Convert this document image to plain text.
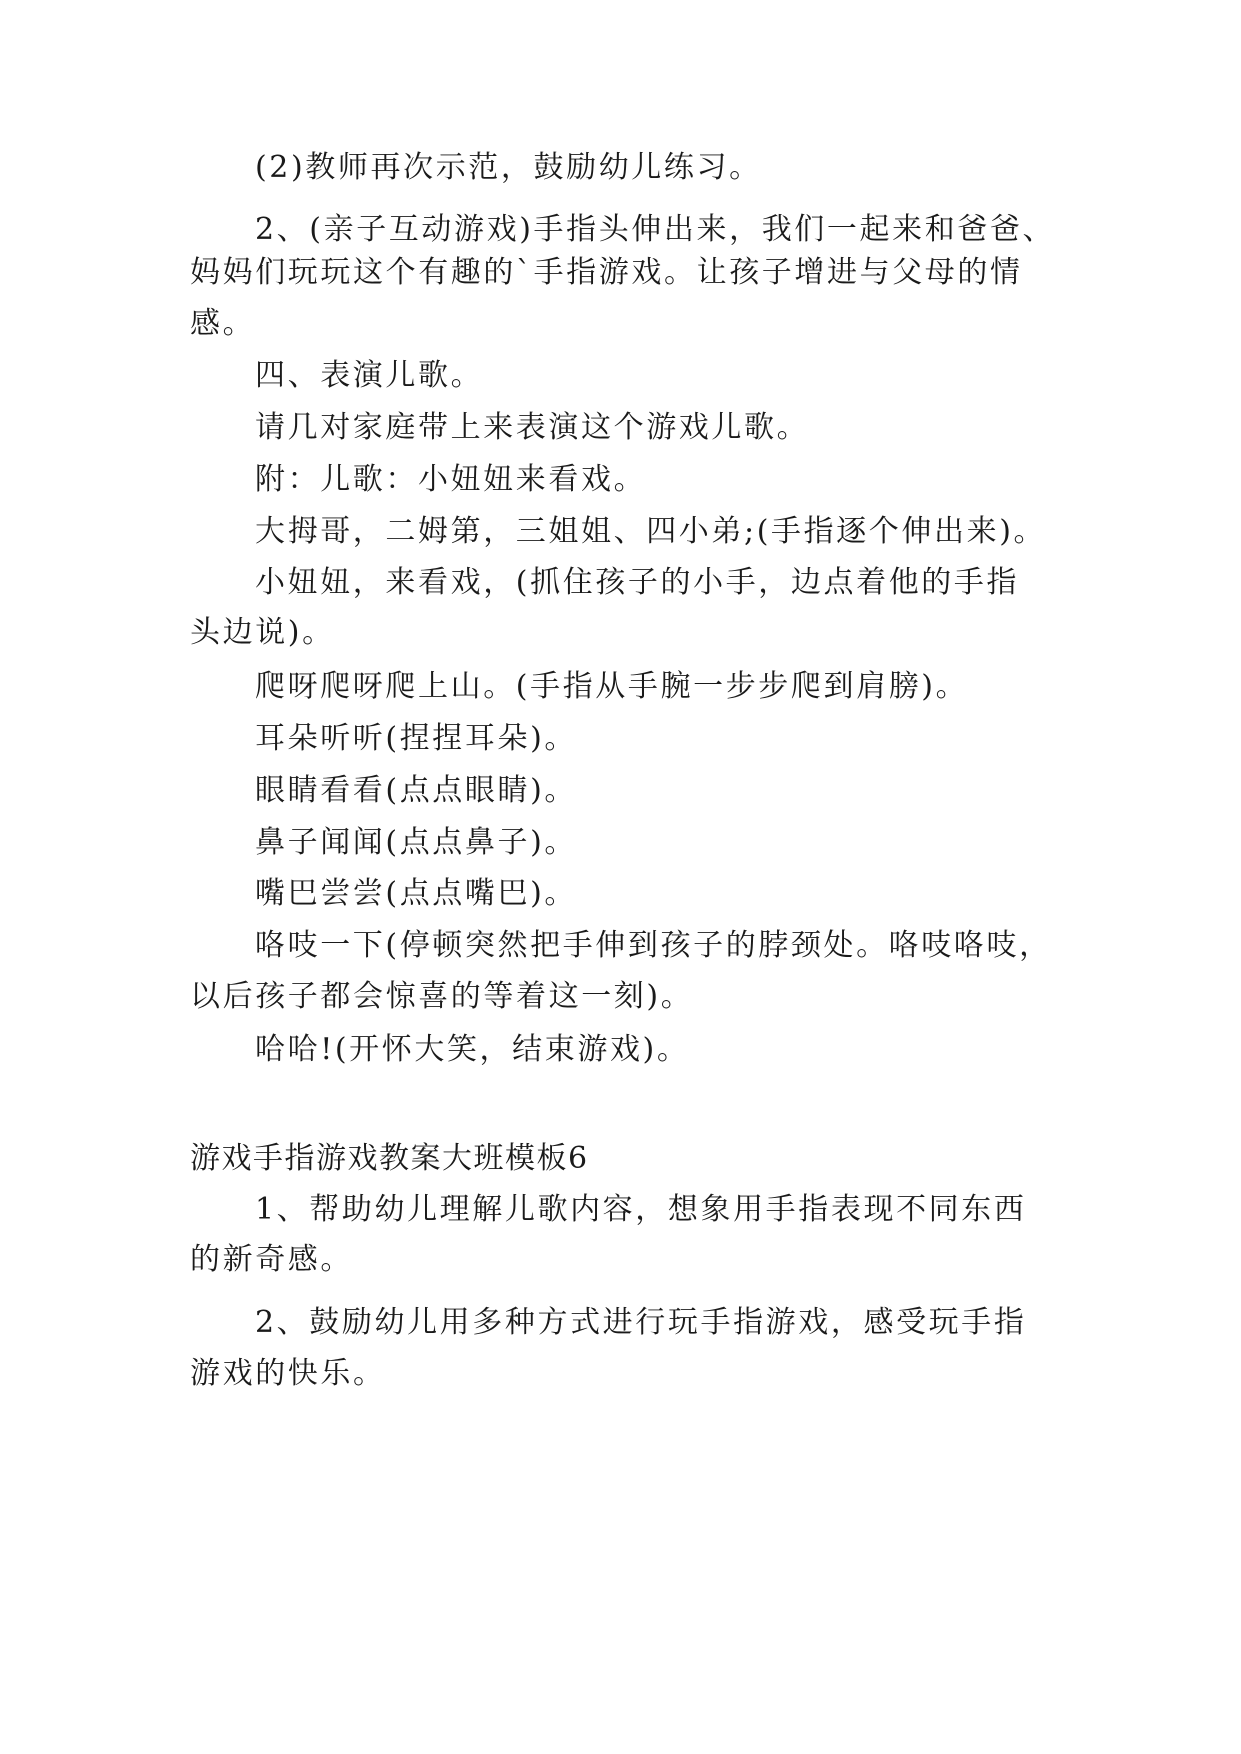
(2)教师再次示范，鼓励幼儿练习。
2、(亲子互动游戏)手指头伸出来，我们一起来和爸爸、
妈妈们玩玩这个有趣的`手指游戏。让孩子增进与父母的情
感。
四、表演儿歌。
请几对家庭带上来表演这个游戏儿歌。
附：儿歌：小妞妞来看戏。
大拇哥，二姆第，三姐姐、四小弟;(手指逐个伸出来)。
小妞妞，来看戏，(抓住孩子的小手，边点着他的手指
头边说)。
爬呀爬呀爬上山。(手指从手腕一步步爬到肩膀)。
耳朵听听(捏捏耳朵)。
眼睛看看(点点眼睛)。
鼻子闻闻(点点鼻子)。
嘴巴尝尝(点点嘴巴)。
咯吱一下(停顿突然把手伸到孩子的脖颈处。咯吱咯吱，
以后孩子都会惊喜的等着这一刻)。
哈哈!(开怀大笑，结束游戏)。
游戏手指游戏教案大班模板6
1、帮助幼儿理解儿歌内容，想象用手指表现不同东西
的新奇感。
2、鼓励幼儿用多种方式进行玩手指游戏，感受玩手指
游戏的快乐。
